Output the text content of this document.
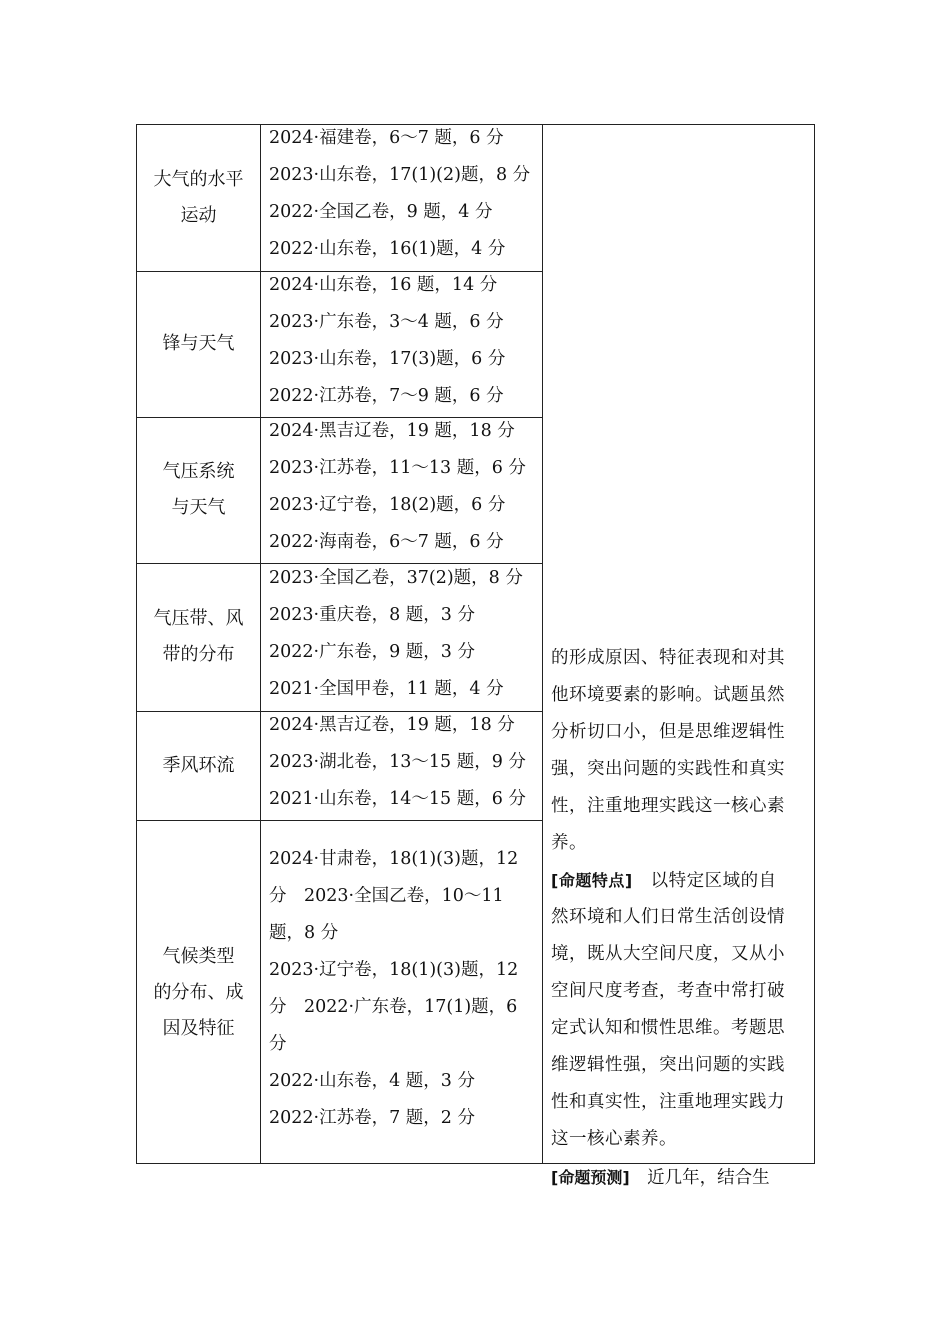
大气的水平
运动
2024·福建卷，6～7 题，6 分
2023·山东卷，17(1)(2)题，8 分
2022·全国乙卷，9 题，4 分
2022·山东卷，16(1)题，4 分
锋与天气
2024·山东卷，16 题，14 分
2023·广东卷，3～4 题，6 分
2023·山东卷，17(3)题，6 分
2022·江苏卷，7～9 题，6 分
气压系统
与天气
2024·黑吉辽卷，19 题，18 分
2023·江苏卷，11～13 题，6 分
2023·辽宁卷，18(2)题，6 分
2022·海南卷，6～7 题，6 分
气压带、风
带的分布
2023·全国乙卷，37(2)题，8 分
2023·重庆卷，8 题，3 分
2022·广东卷，9 题，3 分
2021·全国甲卷，11 题，4 分
季风环流
2024·黑吉辽卷，19 题，18 分
2023·湖北卷，13～15 题，9 分
2021·山东卷，14～15 题，6 分
气候类型
的分布、成
因及特征
2024·甘肃卷，18(1)(3)题，12
分　2023·全国乙卷，10～11
题，8 分
2023·辽宁卷，18(1)(3)题，12
分　2022·广东卷，17(1)题，6
分
2022·山东卷，4 题，3 分
2022·江苏卷，7 题，2 分
的形成原因、特征表现和对其
他环境要素的影响。试题虽然
分析切口小，但是思维逻辑性
强，突出问题的实践性和真实
性，注重地理实践这一核心素
养。
[命题特点]　以特定区域的自
然环境和人们日常生活创设情
境，既从大空间尺度，又从小
空间尺度考查，考查中常打破
定式认知和惯性思维。考题思
维逻辑性强，突出问题的实践
性和真实性，注重地理实践力
这一核心素养。
[命题预测]　近几年，结合生
